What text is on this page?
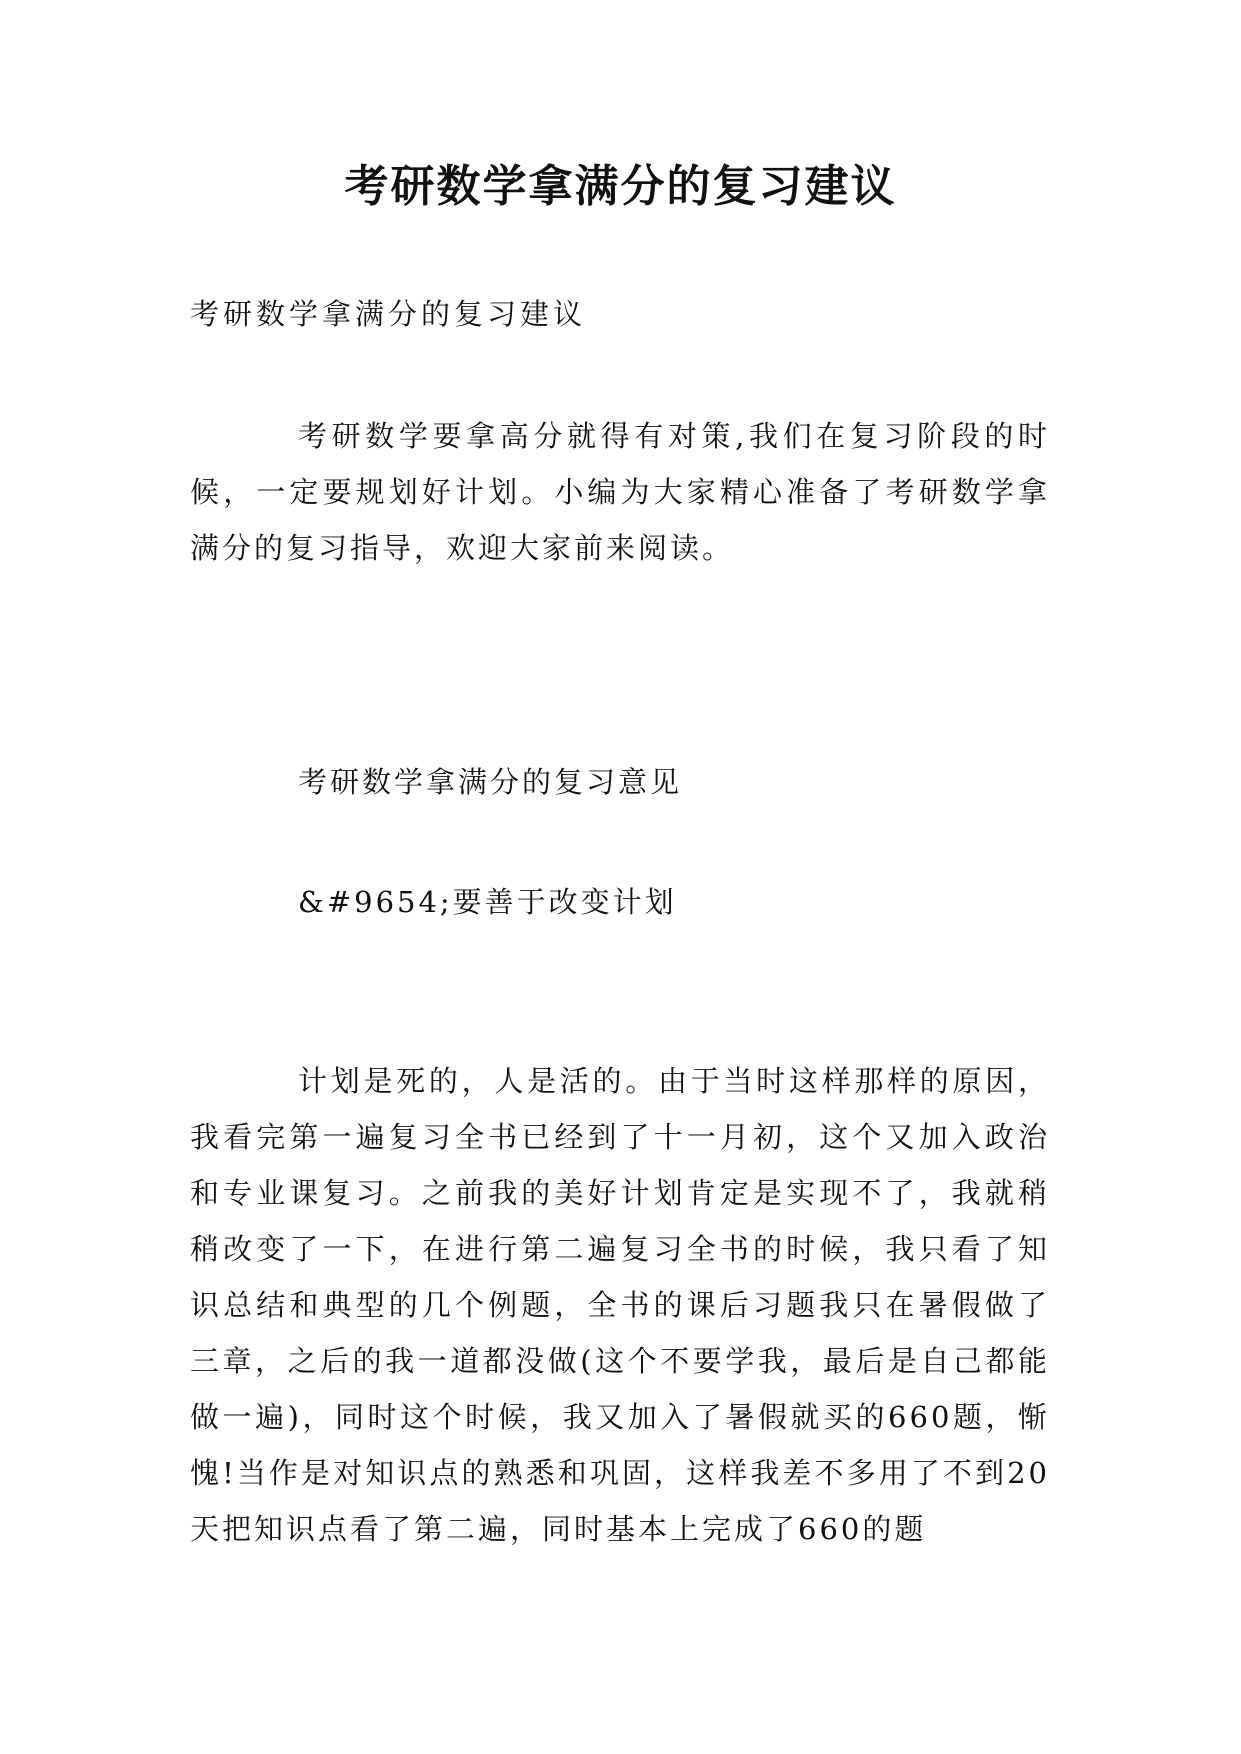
考研数学拿满分的复习建议

考研数学拿满分的复习建议

考研数学要拿高分就得有对策,我们在复习阶段的时候，一定要规划好计划。小编为大家精心准备了考研数学拿满分的复习指导，欢迎大家前来阅读。

考研数学拿满分的复习意见

&#9654;要善于改变计划

计划是死的，人是活的。由于当时这样那样的原因，我看完第一遍复习全书已经到了十一月初，这个又加入政治和专业课复习。之前我的美好计划肯定是实现不了，我就稍稍改变了一下，在进行第二遍复习全书的时候，我只看了知识总结和典型的几个例题，全书的课后习题我只在暑假做了三章，之后的我一道都没做(这个不要学我，最后是自己都能做一遍)，同时这个时候，我又加入了暑假就买的660题，惭愧!当作是对知识点的熟悉和巩固，这样我差不多用了不到20天把知识点看了第二遍，同时基本上完成了660的题
